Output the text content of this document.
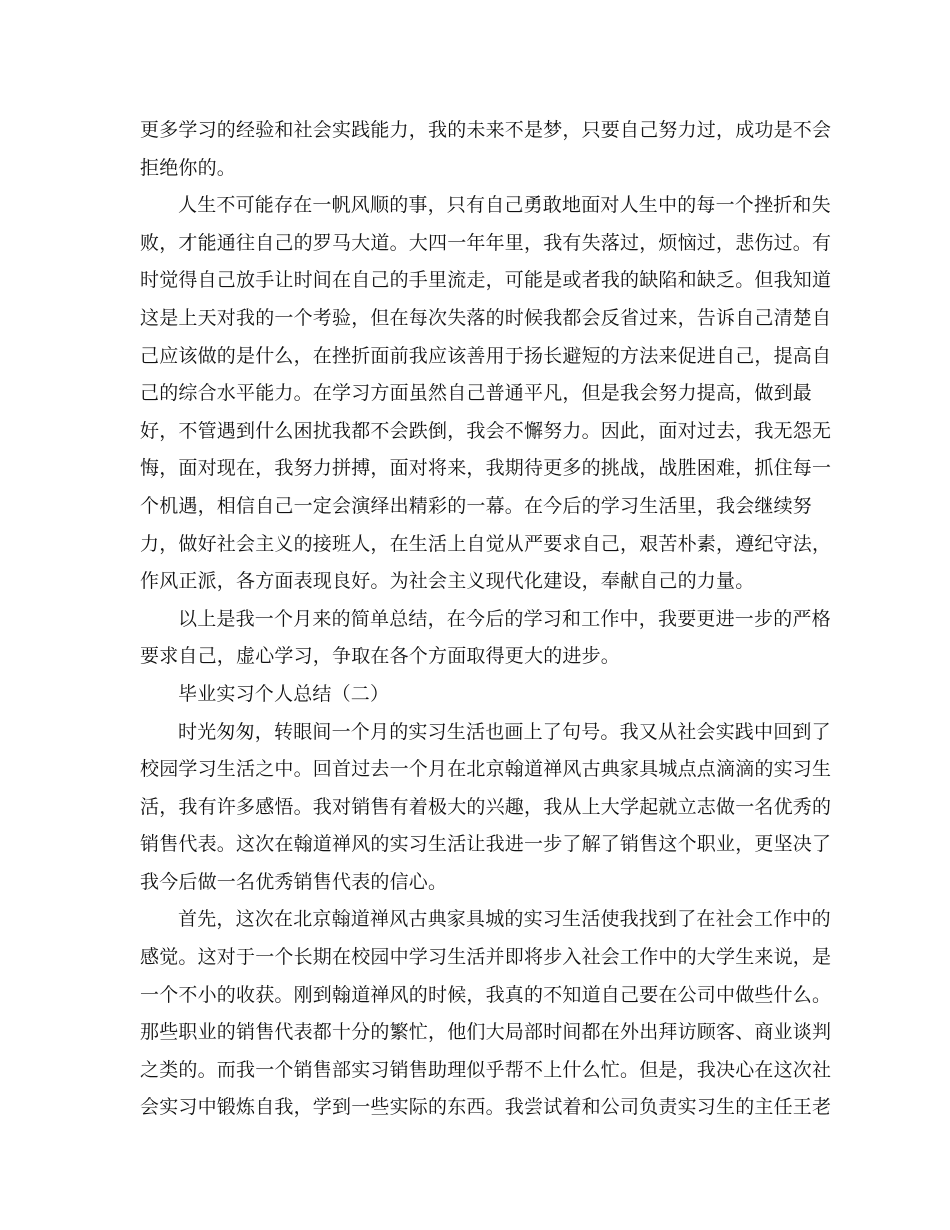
更多学习的经验和社会实践能力，我的未来不是梦，只要自己努力过，成功是不会
拒绝你的。
人生不可能存在一帆风顺的事，只有自己勇敢地面对人生中的每一个挫折和失
败，才能通往自己的罗马大道。大四一年年里，我有失落过，烦恼过，悲伤过。有
时觉得自己放手让时间在自己的手里流走，可能是或者我的缺陷和缺乏。但我知道
这是上天对我的一个考验，但在每次失落的时候我都会反省过来，告诉自己清楚自
己应该做的是什么，在挫折面前我应该善用于扬长避短的方法来促进自己，提高自
己的综合水平能力。在学习方面虽然自己普通平凡，但是我会努力提高，做到最
好，不管遇到什么困扰我都不会跌倒，我会不懈努力。因此，面对过去，我无怨无
悔，面对现在，我努力拼搏，面对将来，我期待更多的挑战，战胜困难，抓住每一
个机遇，相信自己一定会演绎出精彩的一幕。在今后的学习生活里，我会继续努
力，做好社会主义的接班人，在生活上自觉从严要求自己，艰苦朴素，遵纪守法，
作风正派，各方面表现良好。为社会主义现代化建设，奉献自己的力量。
以上是我一个月来的简单总结，在今后的学习和工作中，我要更进一步的严格
要求自己，虚心学习，争取在各个方面取得更大的进步。
毕业实习个人总结（二）
时光匆匆，转眼间一个月的实习生活也画上了句号。我又从社会实践中回到了
校园学习生活之中。回首过去一个月在北京翰道禅风古典家具城点点滴滴的实习生
活，我有许多感悟。我对销售有着极大的兴趣，我从上大学起就立志做一名优秀的
销售代表。这次在翰道禅风的实习生活让我进一步了解了销售这个职业，更坚决了
我今后做一名优秀销售代表的信心。
首先，这次在北京翰道禅风古典家具城的实习生活使我找到了在社会工作中的
感觉。这对于一个长期在校园中学习生活并即将步入社会工作中的大学生来说，是
一个不小的收获。刚到翰道禅风的时候，我真的不知道自己要在公司中做些什么。
那些职业的销售代表都十分的繁忙，他们大局部时间都在外出拜访顾客、商业谈判
之类的。而我一个销售部实习销售助理似乎帮不上什么忙。但是，我决心在这次社
会实习中锻炼自我，学到一些实际的东西。我尝试着和公司负责实习生的主任王老
